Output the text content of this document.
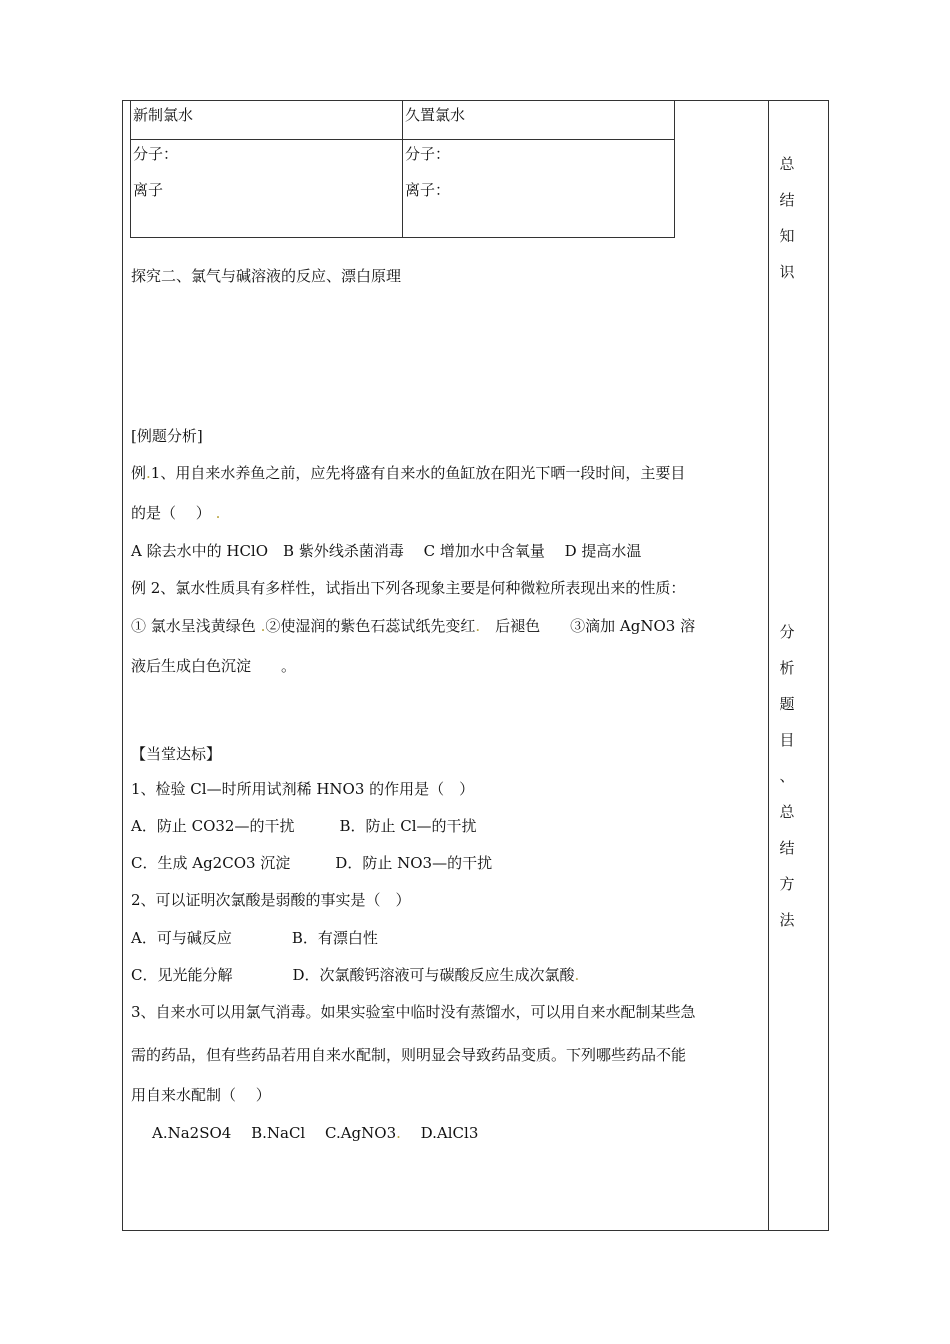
新制氯水	久置氯水
分子：
离子
分子：
离子：
探究二、氯气与碱溶液的反应、漂白原理
[例题分析]
例.1、用自来水养鱼之前，应先将盛有自来水的鱼缸放在阳光下晒一段时间，主要目
的是（　 ） .
A 除去水中的 HClO　B 紫外线杀菌消毒　 C 增加水中含氧量　 D 提高水温
例 2、氯水性质具有多样性，试指出下列各现象主要是何种微粒所表现出来的性质：
① 氯水呈浅黄绿色 .②使湿润的紫色石蕊试纸先变红.　 后褪色　　③滴加 AgNO3 溶
液后生成白色沉淀　　。
【当堂达标】
1、检验 Cl—时所用试剂稀 HNO3 的作用是（　）
A．防止 CO32—的干扰　　　B．防止 Cl—的干扰
C．生成 Ag2CO3 沉淀　　　D．防止 NO3—的干扰
2、可以证明次氯酸是弱酸的事实是（　）
A．可与碱反应　　　　B．有漂白性
C．见光能分解　　　　D．次氯酸钙溶液可与碳酸反应生成次氯酸.
3、自来水可以用氯气消毒。如果实验室中临时没有蒸馏水，可以用自来水配制某些急
需的药品，但有些药品若用自来水配制，则明显会导致药品变质。下列哪些药品不能
用自来水配制（　 ）
A.Na2SO4　 B.NaCl　 C.AgNO3.　 D.AlCl3
总
结
知
识
分
析
题
目
、
总
结
方
法
